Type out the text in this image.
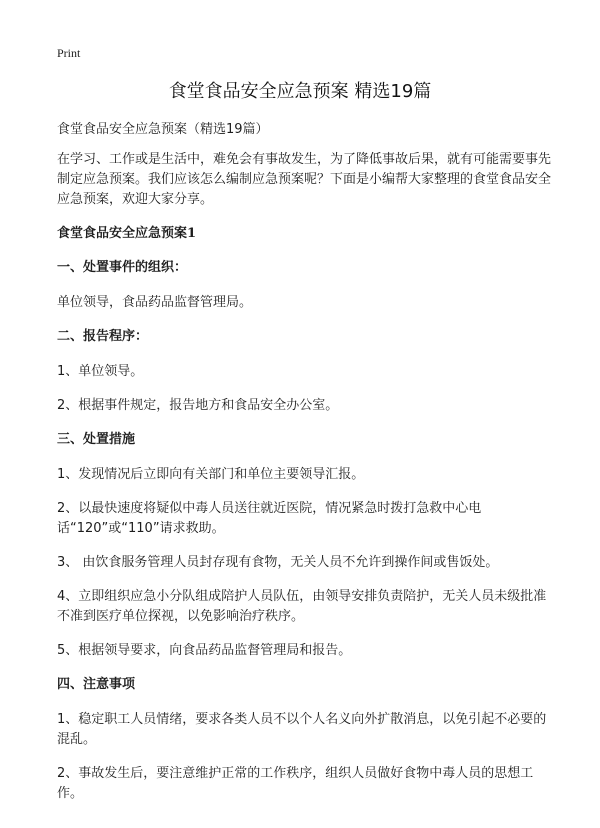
Print
食堂食品安全应急预案 精选19篇

食堂食品安全应急预案（精选19篇）

在学习、工作或是生活中，难免会有事故发生，为了降低事故后果，就有可能需要事先制定应急预案。我们应该怎么编制应急预案呢？下面是小编帮大家整理的食堂食品安全应急预案，欢迎大家分享。

食堂食品安全应急预案1

一、处置事件的组织：

单位领导，食品药品监督管理局。

二、报告程序：

1、单位领导。

2、根据事件规定，报告地方和食品安全办公室。

三、处置措施

1、发现情况后立即向有关部门和单位主要领导汇报。

2、以最快速度将疑似中毒人员送往就近医院，情况紧急时拨打急救中心电话“120”或“110”请求救助。

3、 由饮食服务管理人员封存现有食物，无关人员不允许到操作间或售饭处。

4、立即组织应急小分队组成陪护人员队伍，由领导安排负责陪护，无关人员未级批准不准到医疗单位探视，以免影响治疗秩序。

5、根据领导要求，向食品药品监督管理局和报告。

四、注意事项

1、稳定职工人员情绪，要求各类人员不以个人名义向外扩散消息，以免引起不必要的混乱。

2、事故发生后，要注意维护正常的工作秩序，组织人员做好食物中毒人员的思想工作。
